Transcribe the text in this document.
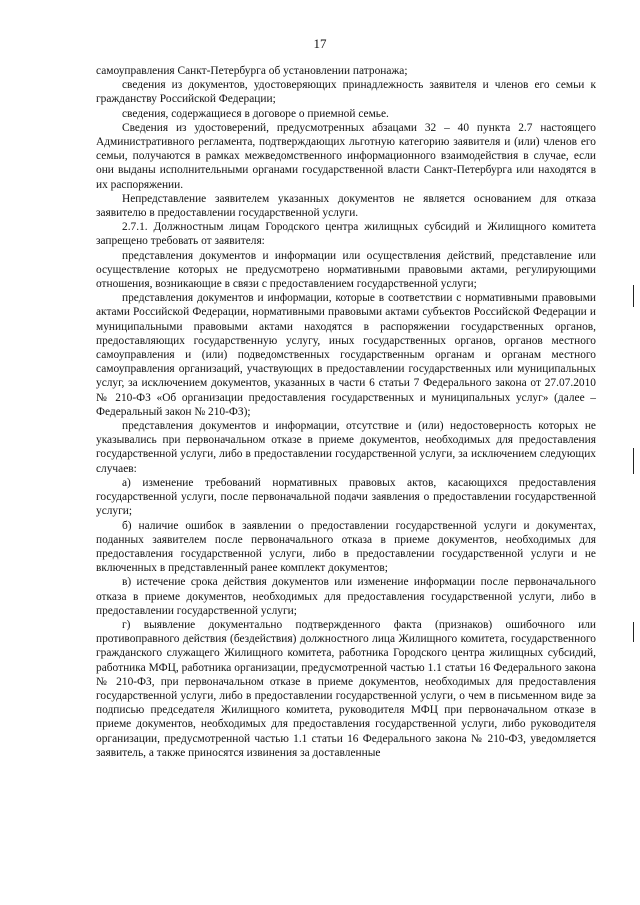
17

самоуправления Санкт-Петербурга об установлении патронажа;

сведения из документов, удостоверяющих принадлежность заявителя и членов его семьи к гражданству Российской Федерации;

сведения, содержащиеся в договоре о приемной семье.

Сведения из удостоверений, предусмотренных абзацами 32 – 40 пункта 2.7 настоящего Административного регламента, подтверждающих льготную категорию заявителя и (или) членов его семьи, получаются в рамках межведомственного информационного взаимодействия в случае, если они выданы исполнительными органами государственной власти Санкт-Петербурга или находятся в их распоряжении.

Непредставление заявителем указанных документов не является основанием для отказа заявителю в предоставлении государственной услуги.

2.7.1. Должностным лицам Городского центра жилищных субсидий и Жилищного комитета запрещено требовать от заявителя:

представления документов и информации или осуществления действий, представление или осуществление которых не предусмотрено нормативными правовыми актами, регулирующими отношения, возникающие в связи с предоставлением государственной услуги;

представления документов и информации, которые в соответствии с нормативными правовыми актами Российской Федерации, нормативными правовыми актами субъектов Российской Федерации и муниципальными правовыми актами находятся в распоряжении государственных органов, предоставляющих государственную услугу, иных государственных органов, органов местного самоуправления и (или) подведомственных государственным органам и органам местного самоуправления организаций, участвующих в предоставлении государственных или муниципальных услуг, за исключением документов, указанных в части 6 статьи 7 Федерального закона от 27.07.2010 № 210-ФЗ «Об организации предоставления государственных и муниципальных услуг» (далее – Федеральный закон № 210-ФЗ);

представления документов и информации, отсутствие и (или) недостоверность которых не указывались при первоначальном отказе в приеме документов, необходимых для предоставления государственной услуги, либо в предоставлении государственной услуги, за исключением следующих случаев:

а) изменение требований нормативных правовых актов, касающихся предоставления государственной услуги, после первоначальной подачи заявления о предоставлении государственной услуги;

б) наличие ошибок в заявлении о предоставлении государственной услуги и документах, поданных заявителем после первоначального отказа в приеме документов, необходимых для предоставления государственной услуги, либо в предоставлении государственной услуги и не включенных в представленный ранее комплект документов;

в) истечение срока действия документов или изменение информации после первоначального отказа в приеме документов, необходимых для предоставления государственной услуги, либо в предоставлении государственной услуги;

г) выявление документально подтвержденного факта (признаков) ошибочного или противоправного действия (бездействия) должностного лица Жилищного комитета, государственного гражданского служащего Жилищного комитета, работника Городского центра жилищных субсидий, работника МФЦ, работника организации, предусмотренной частью 1.1 статьи 16 Федерального закона № 210-ФЗ, при первоначальном отказе в приеме документов, необходимых для предоставления государственной услуги, либо в предоставлении государственной услуги, о чем в письменном виде за подписью председателя Жилищного комитета, руководителя МФЦ при первоначальном отказе в приеме документов, необходимых для предоставления государственной услуги, либо руководителя организации, предусмотренной частью 1.1 статьи 16 Федерального закона № 210-ФЗ, уведомляется заявитель, а также приносятся извинения за доставленные
